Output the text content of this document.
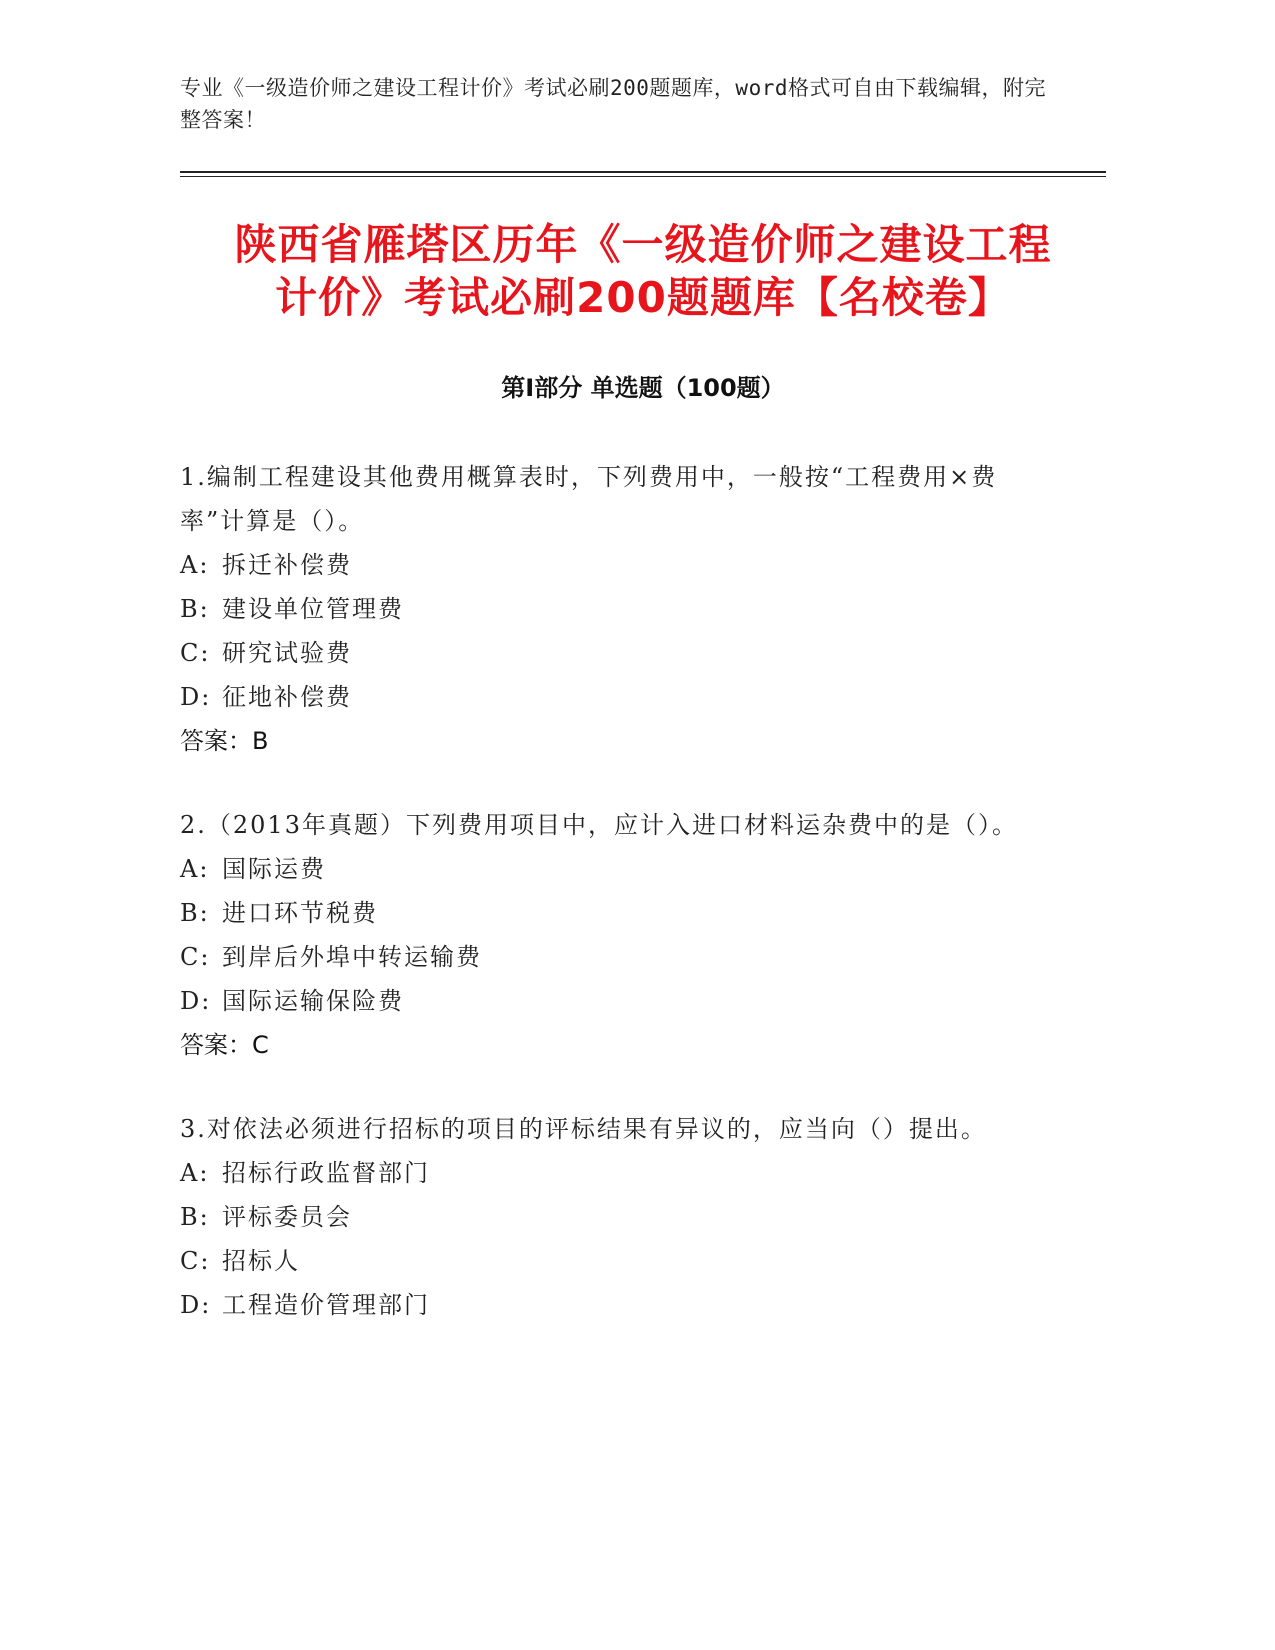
专业《一级造价师之建设工程计价》考试必刷200题题库，word格式可自由下载编辑，附完整答案！
陕西省雁塔区历年《一级造价师之建设工程
计价》考试必刷200题题库【名校卷】
第Ⅰ部分 单选题（100题）
1.编制工程建设其他费用概算表时，下列费用中，一般按“工程费用×费率”计算是（）。
A: 拆迁补偿费
B: 建设单位管理费
C: 研究试验费
D: 征地补偿费
答案：B
2.（2013年真题）下列费用项目中，应计入进口材料运杂费中的是（）。
A: 国际运费
B: 进口环节税费
C: 到岸后外埠中转运输费
D: 国际运输保险费
答案：C
3.对依法必须进行招标的项目的评标结果有异议的，应当向（）提出。
A: 招标行政监督部门
B: 评标委员会
C: 招标人
D: 工程造价管理部门
